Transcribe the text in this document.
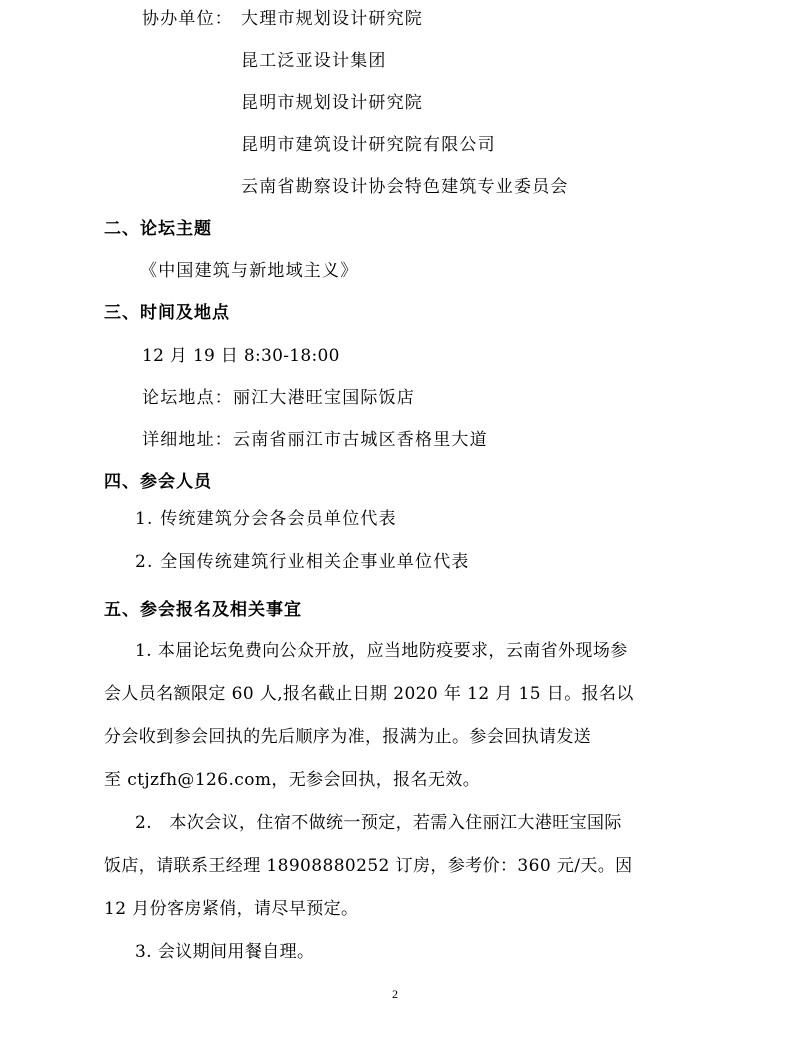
协办单位： 大理市规划设计研究院
昆工泛亚设计集团
昆明市规划设计研究院
昆明市建筑设计研究院有限公司
云南省勘察设计协会特色建筑专业委员会
二、论坛主题
《中国建筑与新地域主义》
三、时间及地点
12 月 19 日 8:30-18:00
论坛地点：丽江大港旺宝国际饭店
详细地址：云南省丽江市古城区香格里大道
四、参会人员
1. 传统建筑分会各会员单位代表
2. 全国传统建筑行业相关企事业单位代表
五、参会报名及相关事宜
1. 本届论坛免费向公众开放，应当地防疫要求，云南省外现场参
会人员名额限定 60 人,报名截止日期 2020 年 12 月 15 日。报名以
分会收到参会回执的先后顺序为准，报满为止。参会回执请发送
至 ctjzfh@126.com，无参会回执，报名无效。
2.   本次会议，住宿不做统一预定，若需入住丽江大港旺宝国际
饭店，请联系王经理 18908880252 订房，参考价：360 元/天。因
12 月份客房紧俏，请尽早预定。
3. 会议期间用餐自理。
2
